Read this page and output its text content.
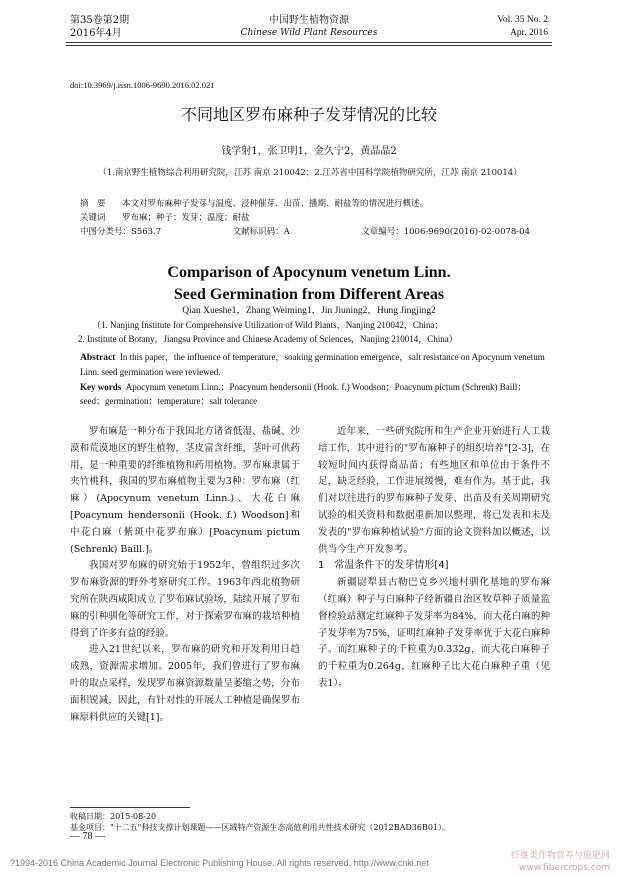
第35卷第2期
2016年4月
中国野生植物资源
Chinese Wild Plant Resources
Vol. 35 No. 2
Apr. 2016
doi:10.3969/j.issn.1006-9690.2016.02.021
不同地区罗布麻种子发芽情况的比较
钱学射1，张卫明1，金久宁2，黄晶晶2
（1.南京野生植物综合利用研究院，江苏 南京 210042；2.江苏省中国科学院植物研究所，江苏 南京 210014）
摘　要 本文对罗布麻种子发芽与温度、浸种催芽、出苗、播期、耐盐等的情况进行概述。
关键词 罗布麻；种子；发芽；温度；耐盐
中图分类号：S563.7	文献标识码：A	文章编号：1006-9690(2016)-02-0078-04
Comparison of Apocynum venetum Linn.
Seed Germination from Different Areas
Qian Xueshe1，Zhang Weiming1，Jin Jiuning2，Hung Jingjing2
（1. Nanjing Institute for Comprehensive Utilization of Wild Plants，Nanjing 210042，China；
2. Institute of Botany，Jiangsu Province and Chinese Academy of Sciences，Nanjing 210014，China）
Abstract In this paper，the influence of temperature，soaking germination emergence，salt resistance on Apocynum venetum Linn. seed germination were reviewed.
Key words Apocynum venetum Linn.；Poacynum hendersonii (Hook. f.) Woodson；Poacynum pictum (Schrenk) Baill；seed；germination；temperature；salt tolerance

罗布麻是一种分布于我国北方诸省低湿、盐碱、沙漠和荒漠地区的野生植物，茎皮富含纤维，茎叶可供药用，是一种重要的纤维植物和药用植物。罗布麻隶属于夹竹桃科，我国的罗布麻植物主要为3种：罗布麻（红麻）(Apocynum venetum Linn.)、大花白麻[Poacynum hendersonii (Hook. f.) Woodson]和中花白麻（紫斑中花罗布麻）[Poacynum pictum (Schrenk) Baill.]。

我国对罗布麻的研究始于1952年，曾组织过多次罗布麻资源的野外考察研究工作。1963年西北植物研究所在陕西咸阳成立了罗布麻试验场，陆续开展了罗布麻的引种驯化等研究工作，对于探索罗布麻的栽培种植得到了许多有益的经验。

进入21世纪以来，罗布麻的研究和开发利用日趋成熟，资源需求增加。2005年，我们曾进行了罗布麻叶的取点采样，发现罗布麻资源数量呈萎缩之势，分布面积锐减，因此，有针对性的开展人工种植是确保罗布麻原料供应的关键[1]。

近年来，一些研究院所和生产企业开始进行人工栽培工作，其中进行的"罗布麻种子的组织培养"[2-3]，在较短时间内获得商品苗；有些地区和单位由于条件不足，缺乏经验，工作进展缓慢，难有作为。基于此，我们对以往进行的罗布麻种子发芽、出苗及有关周期研究试验的相关资料和数据重新加以整理，将已发表和未及发表的"罗布麻种植试验"方面的论文资料加以概述，以供当今生产开发参考。

1　常温条件下的发芽情形[4]

新疆尉犁县古勒巴克乡兴地村驯化基地的罗布麻（红麻）种子与白麻种子经新疆自治区牧草种子质量监督检验站测定红麻种子发芽率为84%，而大花白麻的种子发芽率为75%，证明红麻种子发芽率优于大花白麻种子。而红麻种子的千粒重为0.332g，而大花白麻种子的千粒重为0.264g，红麻种子比大花白麻种子重（见表1）。

收稿日期：2015-08-20
基金项目："十二五"科技支撑计划课题——区域特产资源生态高值利用共性技术研究（2012BAD36B01）。
— 78 —
?1994-2016 China Academic Journal Electronic Publishing House. All rights reserved. http://www.cnki.net
纤维类作物营养与施肥网
www.fibercrops.com
